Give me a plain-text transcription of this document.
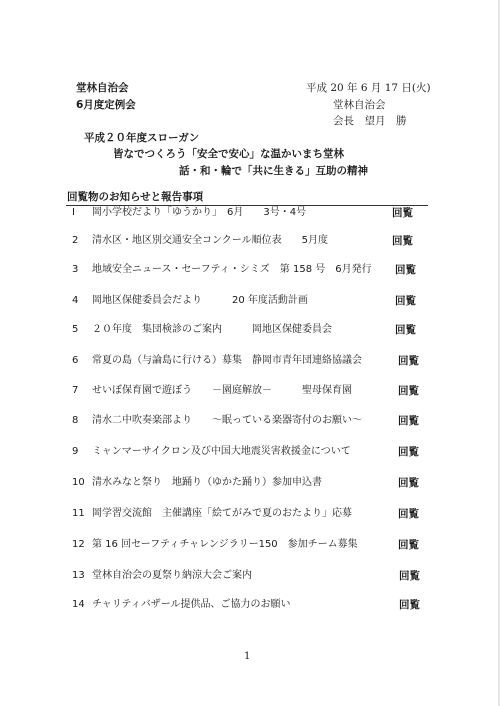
堂林自治会
6月度定例会
平成 20 年 6 月 17 日(火)
堂林自治会
会長　望月　勝
平成２０年度スローガン
皆なでつくろう「安全で安心」な温かいまち堂林
話・和・輪で「共に生きる」互助の精神
回覧物のお知らせと報告事項
Ⅰ 岡小学校だより「ゆうかり」　6月　　3号・4号	回覧
2 清水区・地区別交通安全コンクール順位表　　5月度	回覧
3 地域安全ニュース・セーフティ・シミズ　第 158 号　6月発行 回覧
4 岡地区保健委員会だより　　　20 年度活動計画	回覧
5 ２０年度　集団検診のご案内　　　岡地区保健委員会	回覧
6 常夏の島（与論島に行ける）募集　静岡市青年団連絡協議会	回覧
7 せいぼ保育園で遊ぼう　　－園庭解放－　　　聖母保育園	回覧
8 清水二中吹奏楽部より　　～眠っている楽器寄付のお願い～	回覧
9 ミャンマーサイクロン及び中国大地震災害救援金について	回覧
10 清水みなと祭り　地踊り（ゆかた踊り）参加申込書	回覧
11 岡学習交流館　主催講座「絵てがみで夏のおたより」応募	回覧
12 第 16 回セーフティチャレンジラリー150　参加チーム募集	回覧
13 堂林自治会の夏祭り納涼大会ご案内	回覧
14 チャリティバザール提供品、ご協力のお願い	回覧
1
